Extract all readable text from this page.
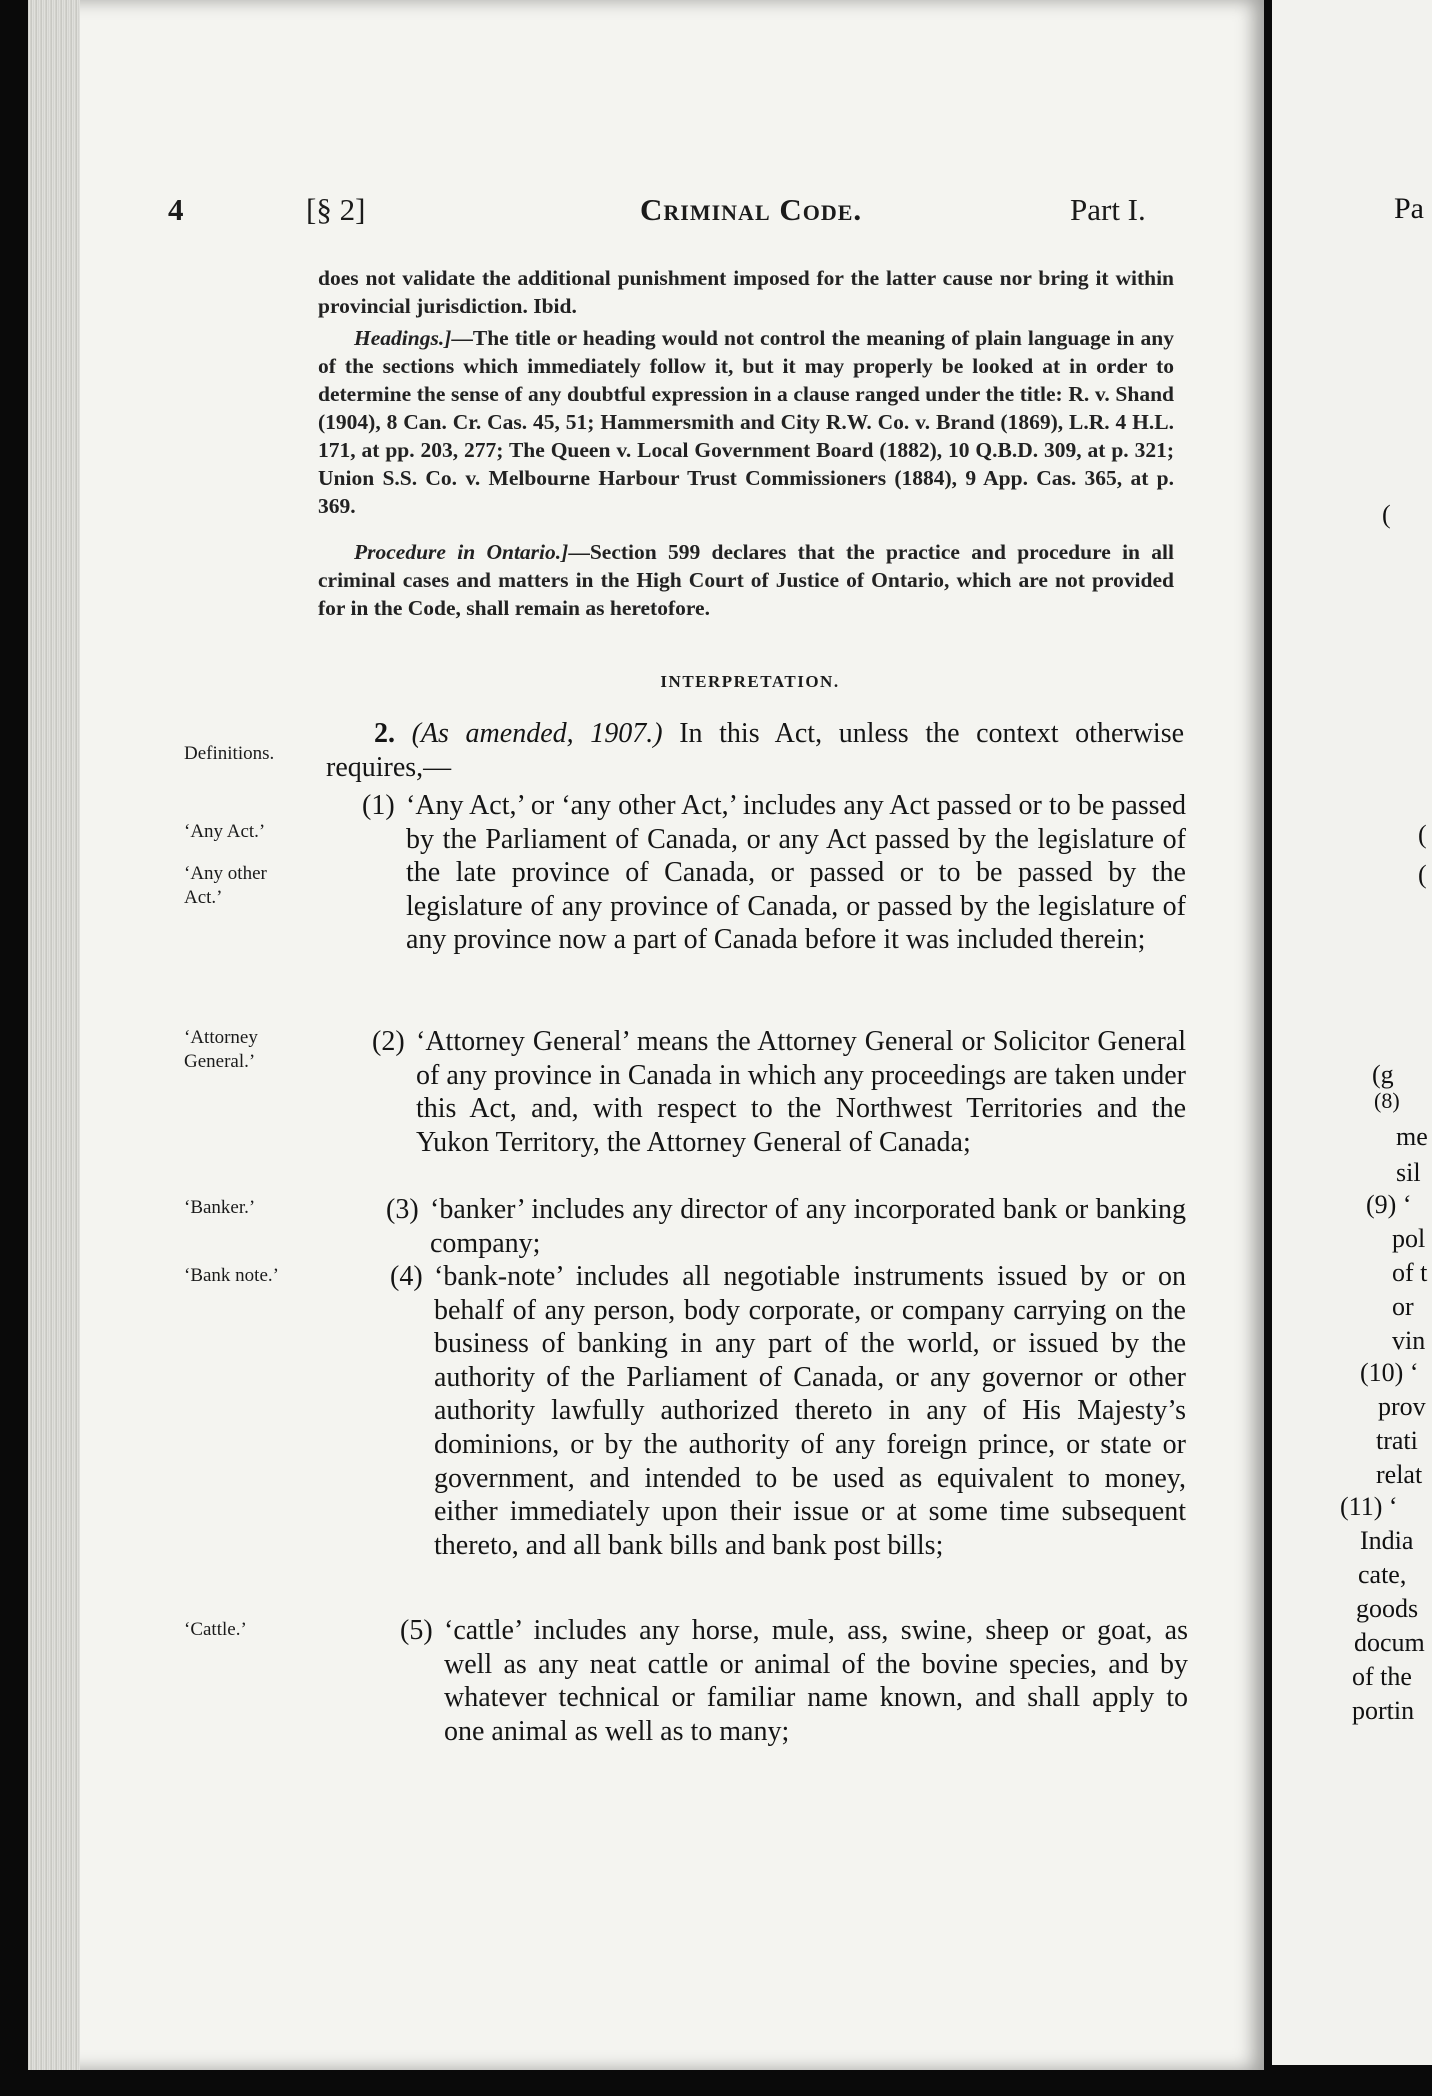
4	[§ 2]	Criminal Code.	Part I.

does not validate the additional punishment imposed for the latter cause nor bring it within provincial jurisdiction. Ibid.

Headings.]—The title or heading would not control the meaning of plain language in any of the sections which immediately follow it, but it may properly be looked at in order to determine the sense of any doubtful expression in a clause ranged under the title: R. v. Shand (1904), 8 Can. Cr. Cas. 45, 51; Hammersmith and City R.W. Co. v. Brand (1869), L.R. 4 H.L. 171, at pp. 203, 277; The Queen v. Local Government Board (1882), 10 Q.B.D. 309, at p. 321; Union S.S. Co. v. Melbourne Harbour Trust Commissioners (1884), 9 App. Cas. 365, at p. 369.

Procedure in Ontario.]—Section 599 declares that the practice and procedure in all criminal cases and matters in the High Court of Justice of Ontario, which are not provided for in the Code, shall remain as heretofore.

INTERPRETATION.
Definitions.
‘Any Act.’
‘Any other
Act.’
‘Attorney
General.’
‘Banker.’
‘Bank note.’
‘Cattle.’

2. (As amended, 1907.) In this Act, unless the context otherwise requires,—

(1) ‘Any Act,’ or ‘any other Act,’ includes any Act passed or to be passed by the Parliament of Canada, or any Act passed by the legislature of the late province of Canada, or passed or to be passed by the legislature of any province of Canada, or passed by the legislature of any province now a part of Canada before it was included therein;

(2) ‘Attorney General’ means the Attorney General or Solicitor General of any province in Canada in which any proceedings are taken under this Act, and, with respect to the Northwest Territories and the Yukon Territory, the Attorney General of Canada;

(3) ‘banker’ includes any director of any incorporated bank or banking company;

(4) ‘bank-note’ includes all negotiable instruments issued by or on behalf of any person, body corporate, or company carrying on the business of banking in any part of the world, or issued by the authority of the Parliament of Canada, or any governor or other authority lawfully authorized thereto in any of His Majesty’s dominions, or by the authority of any foreign prince, or state or government, and intended to be used as equivalent to money, either immediately upon their issue or at some time subsequent thereto, and all bank bills and bank post bills;

(5) ‘cattle’ includes any horse, mule, ass, swine, sheep or goat, as well as any neat cattle or animal of the bovine species, and by whatever technical or familiar name known, and shall apply to one animal as well as to many;

Pa
(
(
(
(g
(8)
me
sil
(9) ‘
pol
of t
or
vin
(10) ‘
prov
trati
relat
(11) ‘
India
cate,
goods
docum
of the
portin
